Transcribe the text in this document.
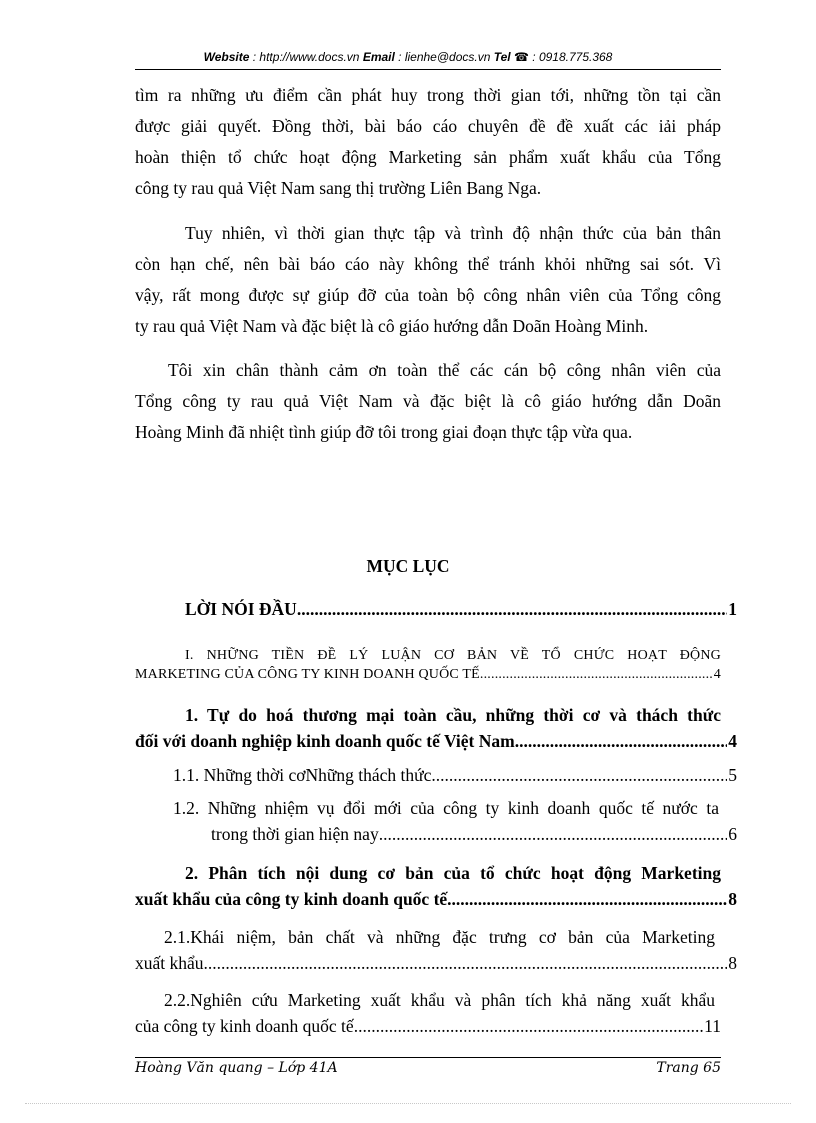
Website : http://www.docs.vn Email : lienhe@docs.vn Tel ☎ : 0918.775.368

tìm ra những ưu điểm cần phát huy trong thời gian tới, những tồn tại cần
được giải quyết. Đồng thời, bài báo cáo chuyên đề đề xuất các iải pháp
hoàn thiện tổ chức hoạt động Marketing sản phẩm xuất khẩu của Tổng
công ty rau quả Việt Nam sang thị trường Liên Bang Nga.

Tuy nhiên, vì thời gian thực tập và trình độ nhận thức của bản thân
còn hạn chế, nên bài báo cáo này không thể tránh khỏi những sai sót. Vì
vậy, rất mong được sự giúp đỡ của toàn bộ công nhân viên của Tổng công
ty rau quả Việt Nam và đặc biệt là cô giáo hướng dẫn Doãn Hoàng Minh.

Tôi xin chân thành cảm ơn toàn thể các cán bộ công nhân viên của
Tổng công ty rau quả Việt Nam và đặc biệt là cô giáo hướng dẫn Doãn
Hoàng Minh đã nhiệt tình giúp đỡ tôi trong giai đoạn thực tập vừa qua.

MỤC LỤC
LỜI NÓI ĐẦU .....	1
I. NHỮNG TIỀN ĐỀ LÝ LUẬN CƠ BẢN VỀ TỔ CHỨC HOẠT ĐỘNG
MARKETING CỦA CÔNG TY KINH DOANH QUỐC TẾ .....	4
1. Tự do hoá thương mại toàn cầu, những thời cơ và thách thức
đối với doanh nghiệp kinh doanh quốc tế Việt Nam .....	4
1.1. Những thời cơNhững thách thức .....	5
1.2. Những nhiệm vụ đổi mới của công ty kinh doanh quốc tế nước ta
trong thời gian hiện nay .....	6
2. Phân tích nội dung cơ bản của tổ chức hoạt động Marketing
xuất khẩu của công ty kinh doanh quốc tế .....	8
2.1.Khái niệm, bản chất và những đặc trưng cơ bản của Marketing
xuất khẩu .....	8
2.2.Nghiên cứu Marketing xuất khẩu và phân tích khả năng xuất khẩu
của công ty kinh doanh quốc tế .....	11
Hoàng Văn quang – Lớp 41A	Trang 65
